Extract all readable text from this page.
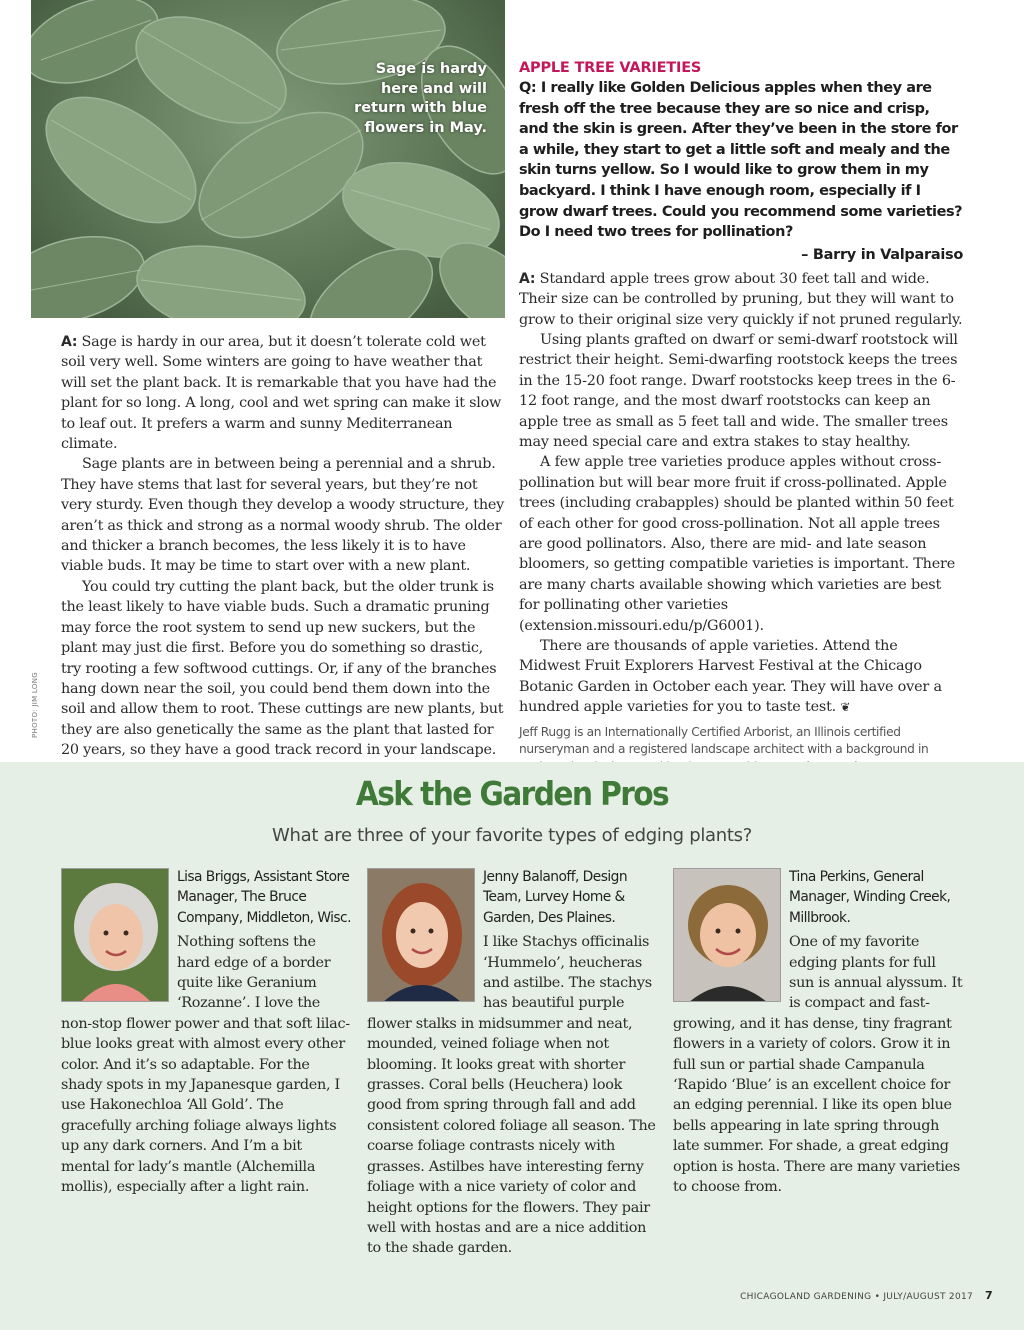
Sage is hardy here and will return with blue flowers in May.
PHOTO: JIM LONG

A: Sage is hardy in our area, but it doesn’t tolerate cold wet soil very well. Some winters are going to have weather that will set the plant back. It is remarkable that you have had the plant for so long. A long, cool and wet spring can make it slow to leaf out. It prefers a warm and sunny Mediterranean climate.

Sage plants are in between being a perennial and a shrub. They have stems that last for several years, but they’re not very sturdy. Even though they develop a woody structure, they aren’t as thick and strong as a normal woody shrub. The older and thicker a branch becomes, the less likely it is to have viable buds. It may be time to start over with a new plant.

You could try cutting the plant back, but the older trunk is the least likely to have viable buds. Such a dramatic pruning may force the root system to send up new suckers, but the plant may just die first. Before you do something so drastic, try rooting a few softwood cuttings. Or, if any of the branches hang down near the soil, you could bend them down into the soil and allow them to root. These cuttings are new plants, but they are also genetically the same as the plant that lasted for 20 years, so they have a good track record in your landscape.

APPLE TREE VARIETIES
Q: I really like Golden Delicious apples when they are fresh off the tree because they are so nice and crisp, and the skin is green. After they’ve been in the store for a while, they start to get a little soft and mealy and the skin turns yellow. So I would like to grow them in my backyard. I think I have enough room, especially if I grow dwarf trees. Could you recommend some varieties? Do I need two trees for pollination?
– Barry in Valparaiso

A: Standard apple trees grow about 30 feet tall and wide. Their size can be controlled by pruning, but they will want to grow to their original size very quickly if not pruned regularly.

Using plants grafted on dwarf or semi-dwarf rootstock will restrict their height. Semi-dwarfing rootstock keeps the trees in the 15-20 foot range. Dwarf rootstocks keep trees in the 6-12 foot range, and the most dwarf rootstocks can keep an apple tree as small as 5 feet tall and wide. The smaller trees may need special care and extra stakes to stay healthy.

A few apple tree varieties produce apples without cross-pollination but will bear more fruit if cross-pollinated. Apple trees (including crabapples) should be planted within 50 feet of each other for good cross-pollination. Not all apple trees are good pollinators. Also, there are mid- and late season bloomers, so getting compatible varieties is important. There are many charts available showing which varieties are best for pollinating other varieties (extension.missouri.edu/p/G6001).

There are thousands of apple varieties. Attend the Midwest Fruit Explorers Harvest Festival at the Chicago Botanic Garden in October each year. They will have over a hundred apple varieties for you to taste test. ❦

Jeff Rugg is an Internationally Certified Arborist, an Illinois certified nurseryman and a registered landscape architect with a background in
Ask the Garden Pros
What are three of your favorite types of edging plants?
Lisa Briggs, Assistant Store Manager, The Bruce Company, Middleton, Wisc.
Nothing softens the hard edge of a border quite like Geranium ‘Rozanne’. I love the non-stop flower power and that soft lilac-blue looks great with almost every other color. And it’s so adaptable. For the shady spots in my Japanesque garden, I use Hakonechloa ‘All Gold’. The gracefully arching foliage always lights up any dark corners. And I’m a bit mental for lady’s mantle (Alchemilla mollis), especially after a light rain.
Jenny Balanoff, Design Team, Lurvey Home & Garden, Des Plaines.
I like Stachys officinalis ‘Hummelo’, heucheras and astilbe. The stachys has beautiful purple flower stalks in midsummer and neat, mounded, veined foliage when not blooming. It looks great with shorter grasses. Coral bells (Heuchera) look good from spring through fall and add consistent colored foliage all season. The coarse foliage contrasts nicely with grasses. Astilbes have interesting ferny foliage with a nice variety of color and height options for the flowers. They pair well with hostas and are a nice addition to the shade garden.
Tina Perkins, General Manager, Winding Creek, Millbrook.
One of my favorite edging plants for full sun is annual alyssum. It is compact and fast-growing, and it has dense, tiny fragrant flowers in a variety of colors. Grow it in full sun or partial shade Campanula ‘Rapido ‘Blue’ is an excellent choice for an edging perennial. I like its open blue bells appearing in late spring through late summer. For shade, a great edging option is hosta. There are many varieties to choose from.
CHICAGOLAND GARDENING • JULY/AUGUST 2017 7
